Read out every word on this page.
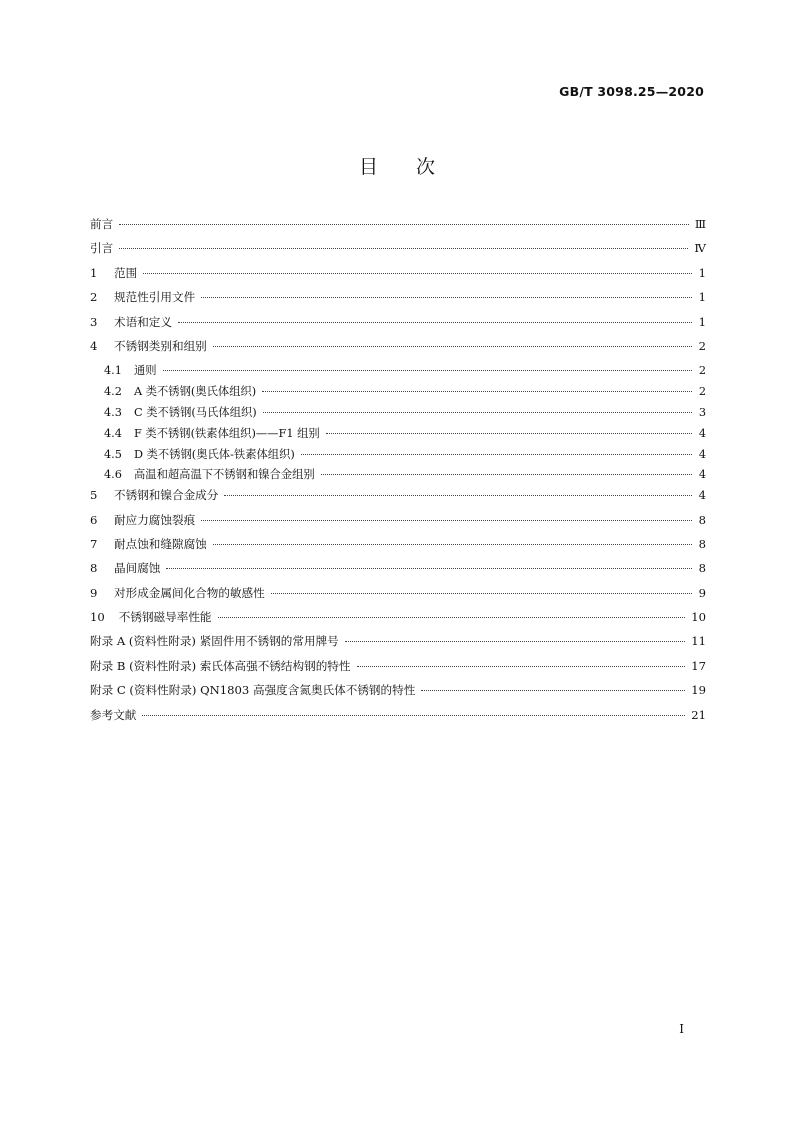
GB/T 3098.25—2020
目次
前言	Ⅲ
引言	Ⅳ
1 范围	1
2 规范性引用文件	1
3 术语和定义	1
4 不锈钢类别和组别	2
4.1 通则	2
4.2 A 类不锈钢(奥氏体组织)	2
4.3 C 类不锈钢(马氏体组织)	3
4.4 F 类不锈钢(铁素体组织)——F1 组别	4
4.5 D 类不锈钢(奥氏体-铁素体组织)	4
4.6 高温和超高温下不锈钢和镍合金组别	4
5 不锈钢和镍合金成分	4
6 耐应力腐蚀裂痕	8
7 耐点蚀和缝隙腐蚀	8
8 晶间腐蚀	8
9 对形成金属间化合物的敏感性	9
10 不锈钢磁导率性能	10
附录 A (资料性附录) 紧固件用不锈钢的常用牌号	11
附录 B (资料性附录) 索氏体高强不锈结构钢的特性	17
附录 C (资料性附录) QN1803 高强度含氮奥氏体不锈钢的特性	19
参考文献	21
I
